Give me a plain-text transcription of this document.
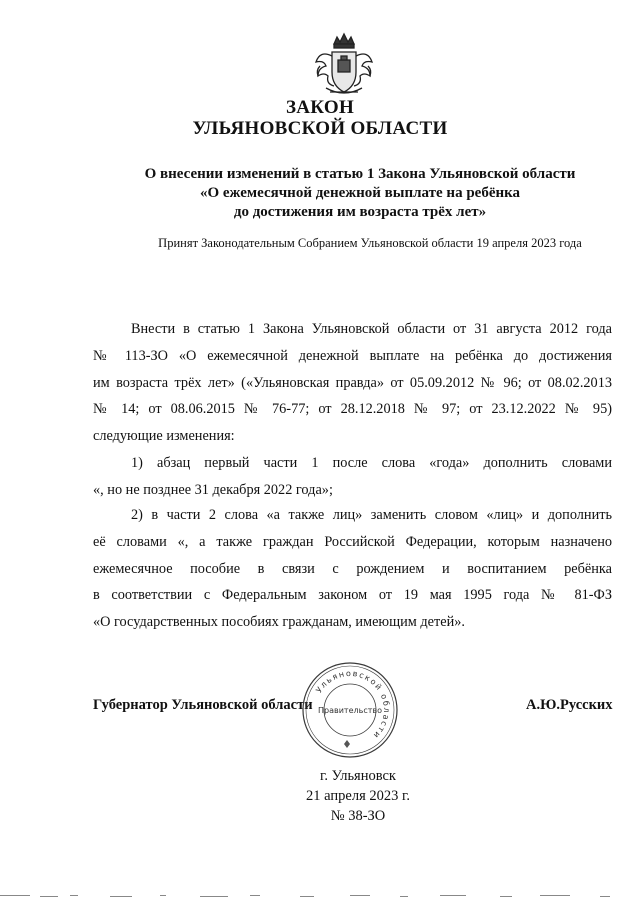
ЗАКОН
УЛЬЯНОВСКОЙ ОБЛАСТИ
О внесении изменений в статью 1 Закона Ульяновской области
«О ежемесячной денежной выплате на ребёнка
до достижения им возраста трёх лет»
Принят Законодательным Собранием Ульяновской области 19 апреля 2023 года
Внести в статью 1 Закона Ульяновской области от 31 августа 2012 года
№ 113-ЗО «О ежемесячной денежной выплате на ребёнка до достижения
им возраста трёх лет» («Ульяновская правда» от 05.09.2012 № 96; от 08.02.2013
№ 14; от 08.06.2015 № 76-77; от 28.12.2018 № 97; от 23.12.2022 № 95)
следующие изменения:
1) абзац первый части 1 после слова «года» дополнить словами
«, но не позднее 31 декабря 2022 года»;
2) в части 2 слова «а также лиц» заменить словом «лиц» и дополнить
её словами «, а также граждан Российской Федерации, которым назначено
ежемесячное пособие в связи с рождением и воспитанием ребёнка
в соответствии с Федеральным законом от 19 мая 1995 года № 81-ФЗ
«О государственных пособиях гражданам, имеющим детей».
Губернатор Ульяновской области	А.Ю.Русских
Ульяновской области
Правительство
г. Ульяновск
21 апреля 2023 г.
№ 38-ЗО
